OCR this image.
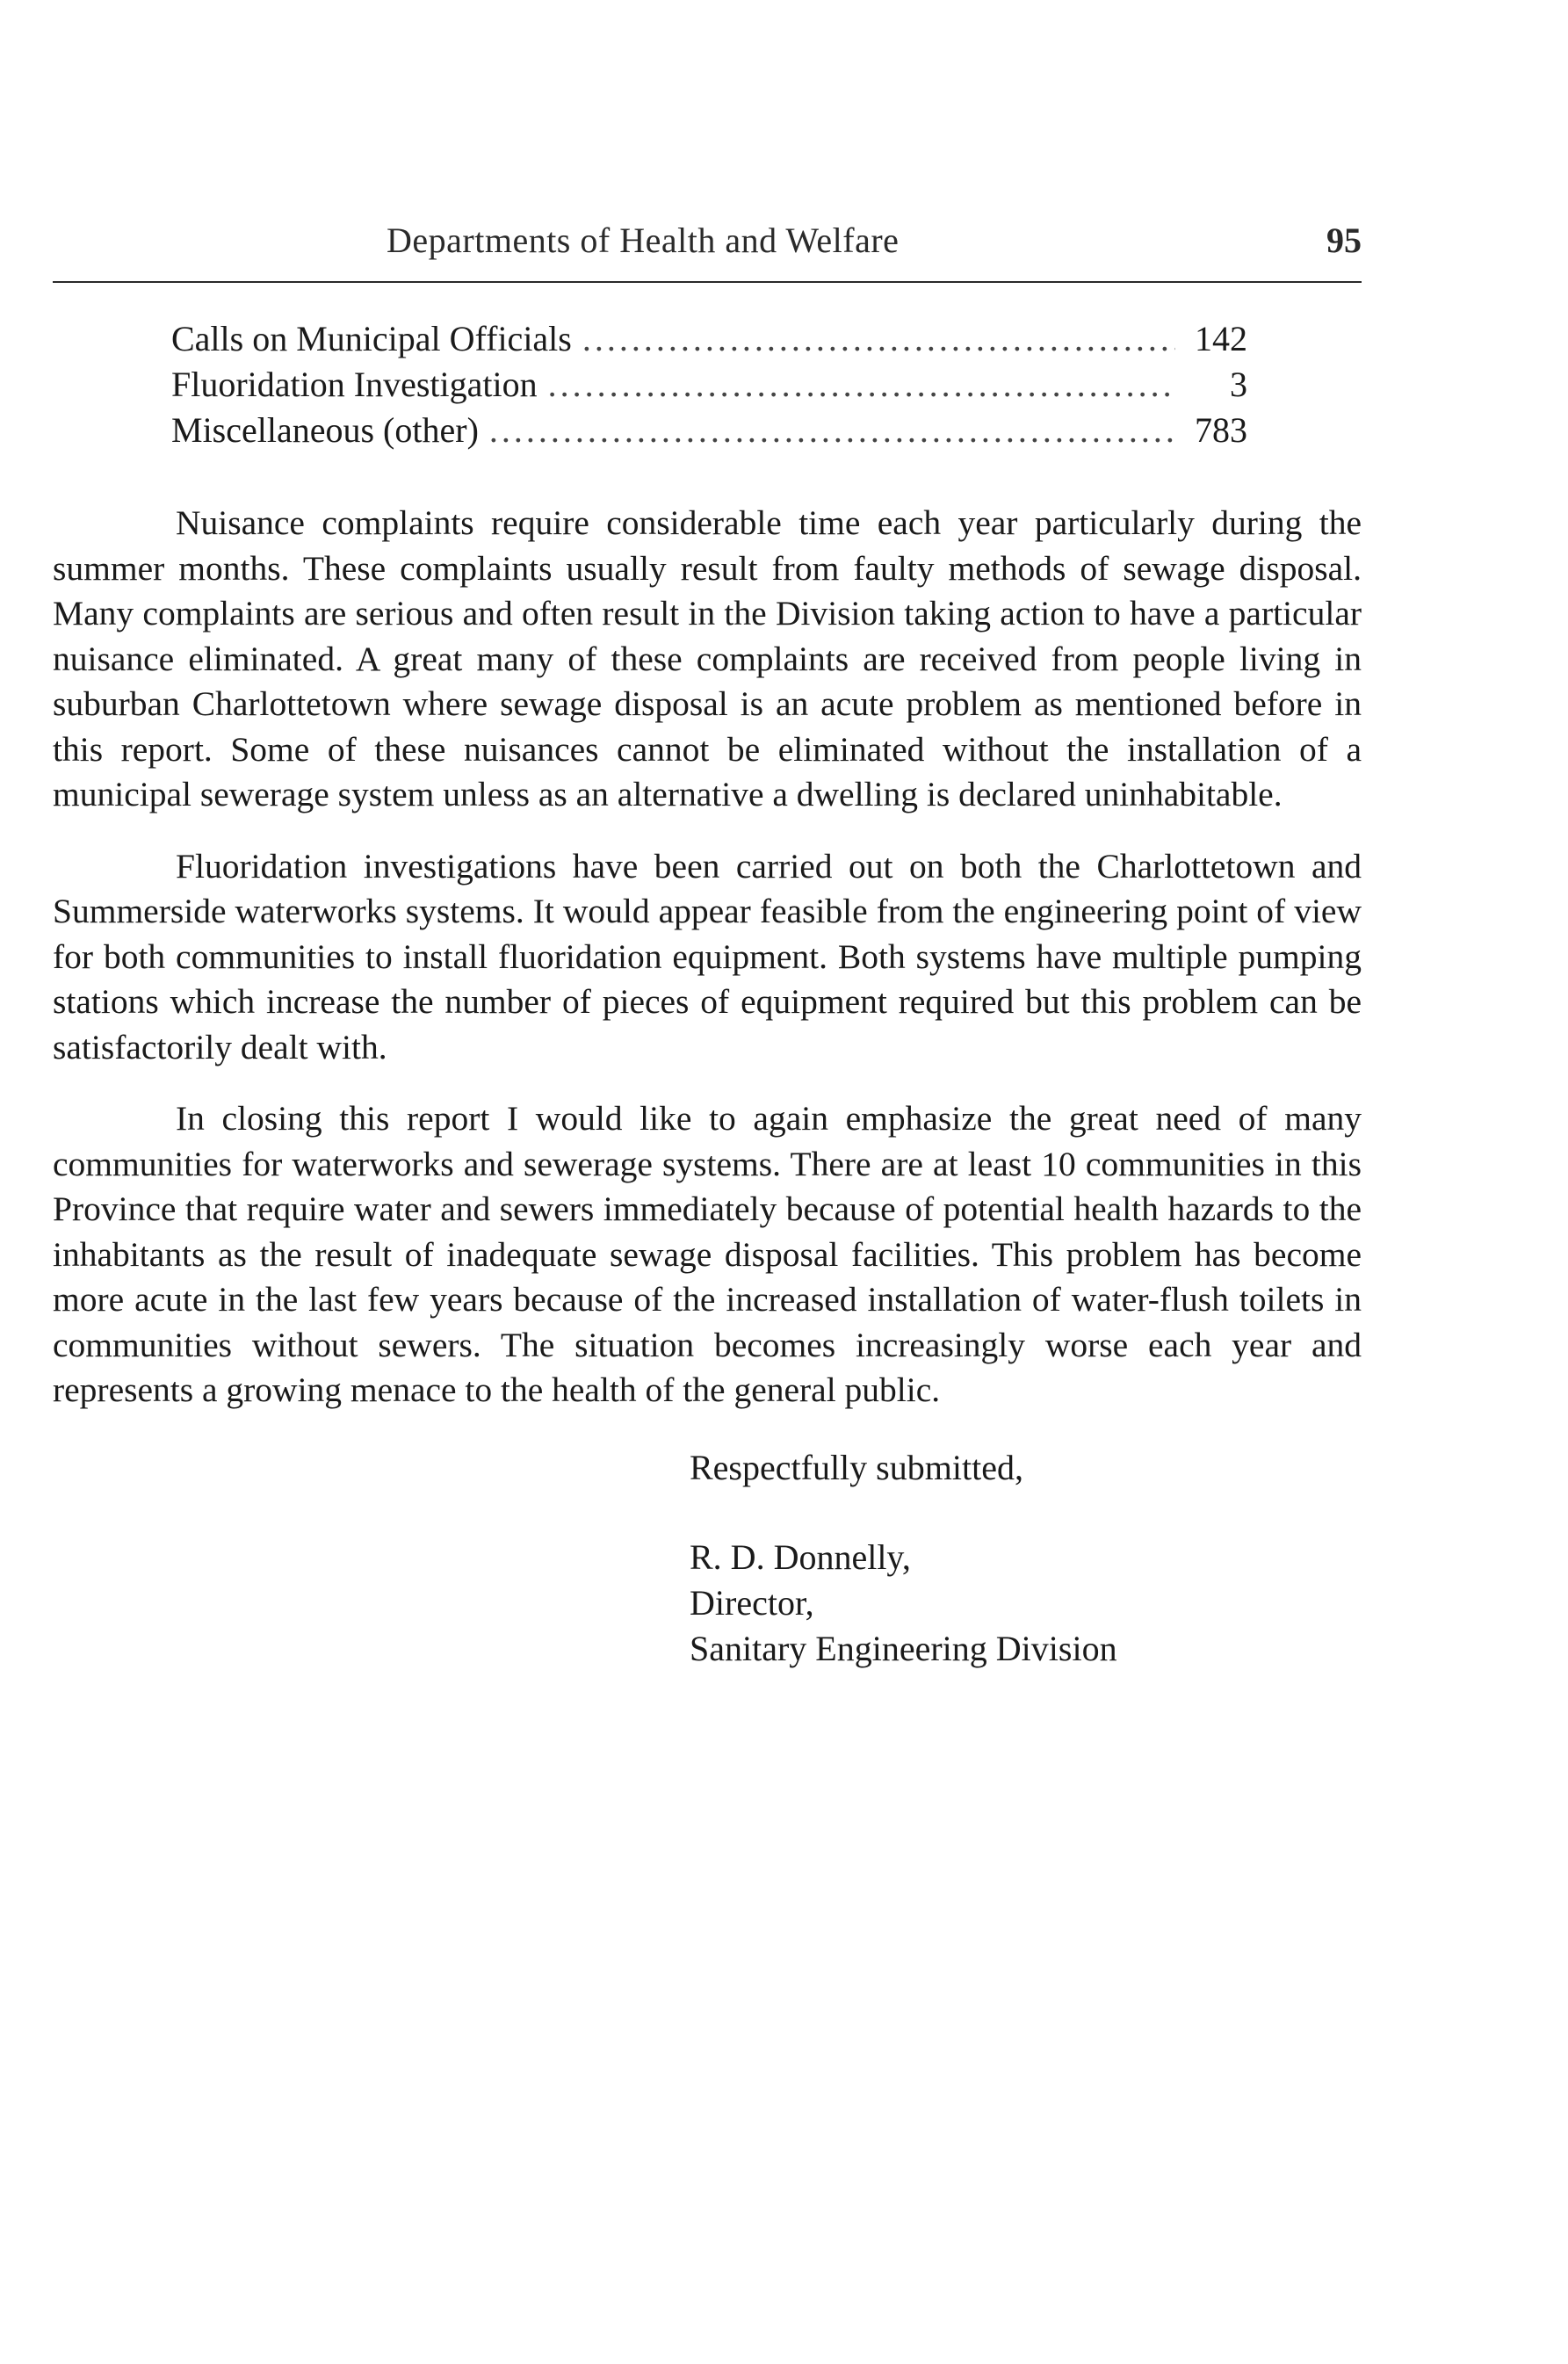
Departments of Health and Welfare	95
Calls on Municipal Officials . . .	142
Fluoridation Investigation . . .	3
Miscellaneous (other) . . .	783

Nuisance complaints require considerable time each year particularly during the summer months. These complaints usually result from faulty methods of sewage disposal. Many complaints are serious and often result in the Division taking action to have a particular nuisance eliminated. A great many of these complaints are received from people living in suburban Charlottetown where sewage disposal is an acute problem as mentioned before in this report. Some of these nuisances cannot be eliminated without the installation of a municipal sewerage system unless as an alternative a dwelling is declared uninhabitable.

Fluoridation investigations have been carried out on both the Charlottetown and Summerside waterworks systems. It would appear feasible from the engineering point of view for both communities to install fluoridation equipment. Both systems have multiple pumping stations which increase the number of pieces of equipment required but this problem can be satisfactorily dealt with.

In closing this report I would like to again emphasize the great need of many communities for waterworks and sewerage systems. There are at least 10 communities in this Province that require water and sewers immediately because of potential health hazards to the inhabitants as the result of inadequate sewage disposal facilities. This problem has become more acute in the last few years because of the increased installation of water-flush toilets in communities without sewers. The situation becomes increasingly worse each year and represents a growing menace to the health of the general public.

Respectfully submitted,
R. D. Donnelly,
Director,
Sanitary Engineering Division
